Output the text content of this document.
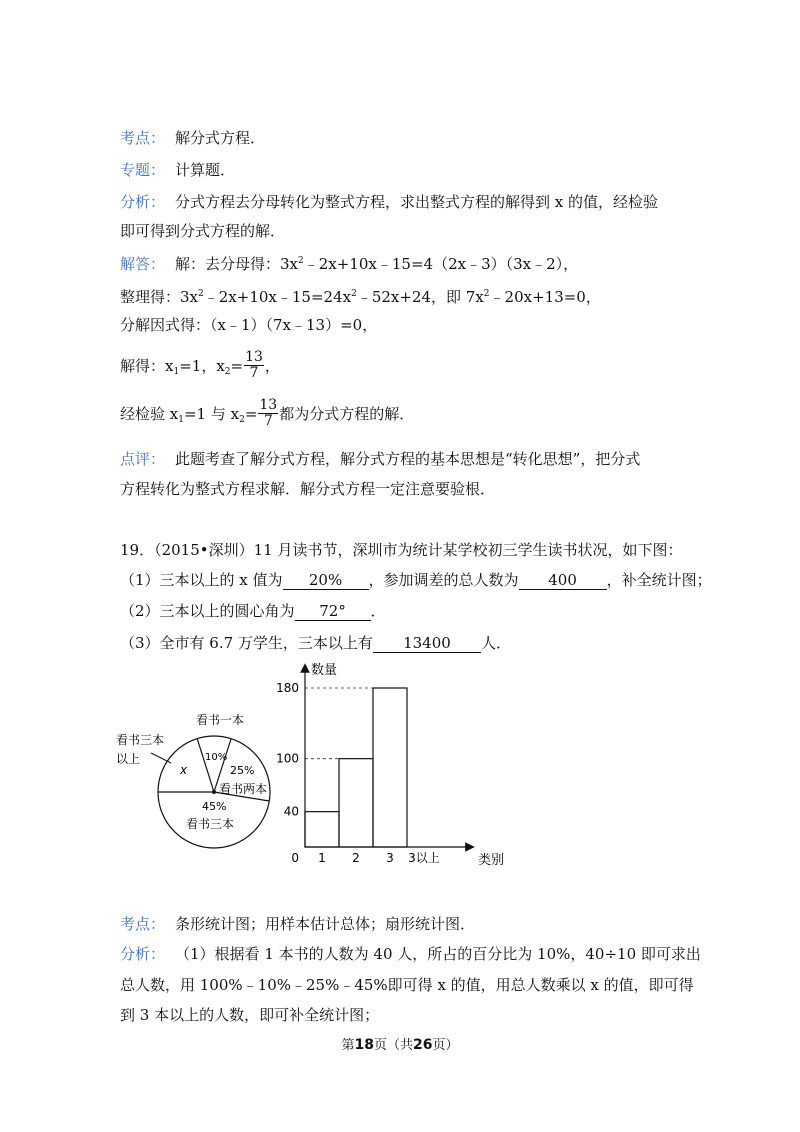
考点： 解分式方程．
专题： 计算题．
分析： 分式方程去分母转化为整式方程，求出整式方程的解得到 x 的值，经检验
即可得到分式方程的解．
解答： 解：去分母得：$3x^2﹣2x+10x﹣15=4(2x﹣3)(3x﹣2)$，
整理得：$3x^2﹣2x+10x﹣15=24x^2﹣52x+24$，即 $7x^2﹣20x+13=0$，
分解因式得：（x﹣1）（7x﹣13）=0，
解得：$x_1=1$，$x_2= \frac{13}{7}$ ，
经检验 $x_1=1$ 与 $x_2= \frac{13}{7}$ 都为分式方程的解．
点评： 此题考查了解分式方程，解分式方程的基本思想是“转化思想”，把分式
方程转化为整式方程求解．解分式方程一定注意要验根．
19．（2015•深圳）11 月读书节，深圳市为统计某学校初三学生读书状况，如下图：
（1）三本以上的 x 值为 20% ，参加调差的总人数为 400 ，补全统计图；
（2）三本以上的圆心角为 72° ．
（3）全市有 6.7 万学生，三本以上有 13400 人．
看书一本
看书三本
以上
x
10%
25%
看书两本
45%
看书三本
数量
类别
0
40
100
180
1 2 3 3以上
考点： 条形统计图；用样本估计总体；扇形统计图．
分析： （1）根据看 1 本书的人数为 40 人，所占的百分比为 10%，40÷10 即可求出
总人数，用 100%﹣10%﹣25%﹣45%即可得 x 的值，用总人数乘以 x 的值，即可得
到 3 本以上的人数，即可补全统计图；
第18页（共26页）
